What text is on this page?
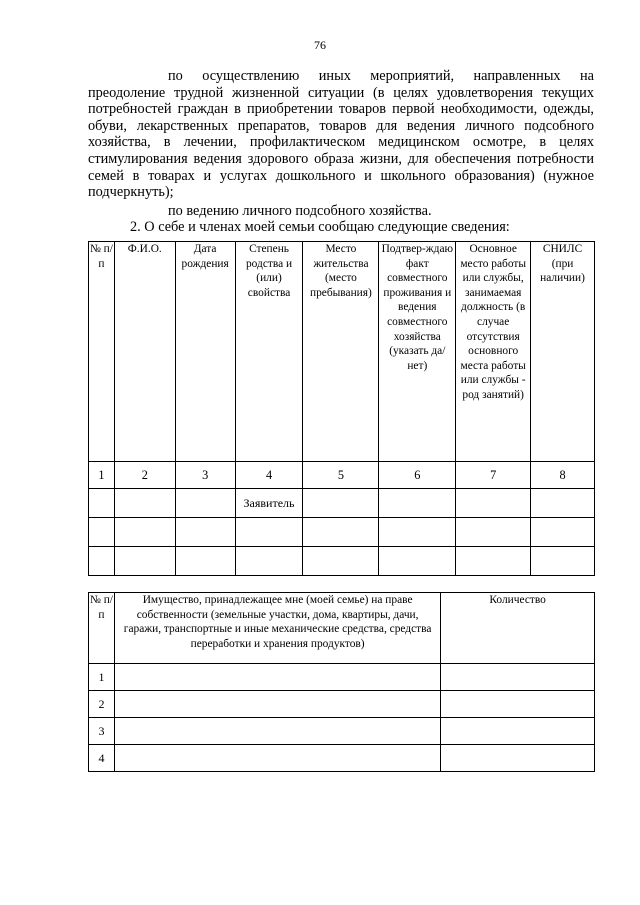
76

по осуществлению иных мероприятий, направленных на преодоление трудной жизненной ситуации (в целях удовлетворения текущих потребностей граждан в приобретении товаров первой необходимости, одежды, обуви, лекарственных препаратов, товаров для ведения личного подсобного хозяйства, в лечении, профилактическом медицинском осмотре, в целях стимулирования ведения здорового образа жизни, для обеспечения потребности семей в товарах и услугах дошкольного и школьного образования) (нужное подчеркнуть);

по ведению личного подсобного хозяйства.

2. О себе и членах моей семьи сообщаю следующие сведения:

№ п/п	Ф.И.О.	Дата рождения	Степень родства и (или) свойства	Место жительства (место пребывания)	Подтвер-ждаю факт совместного проживания и ведения совместного хозяйства (указать да/нет)	Основное место работы или службы, занимаемая должность (в случае отсутствия основного места работы или службы - род занятий)	СНИЛС (при наличии)
1	2	3	4	5	6	7	8
			Заявитель				

№ п/п	Имущество, принадлежащее мне (моей семье) на праве собственности (земельные участки, дома, квартиры, дачи, гаражи, транспортные и иные механические средства, средства переработки и хранения продуктов)	Количество
1		
2		
3		
4		
